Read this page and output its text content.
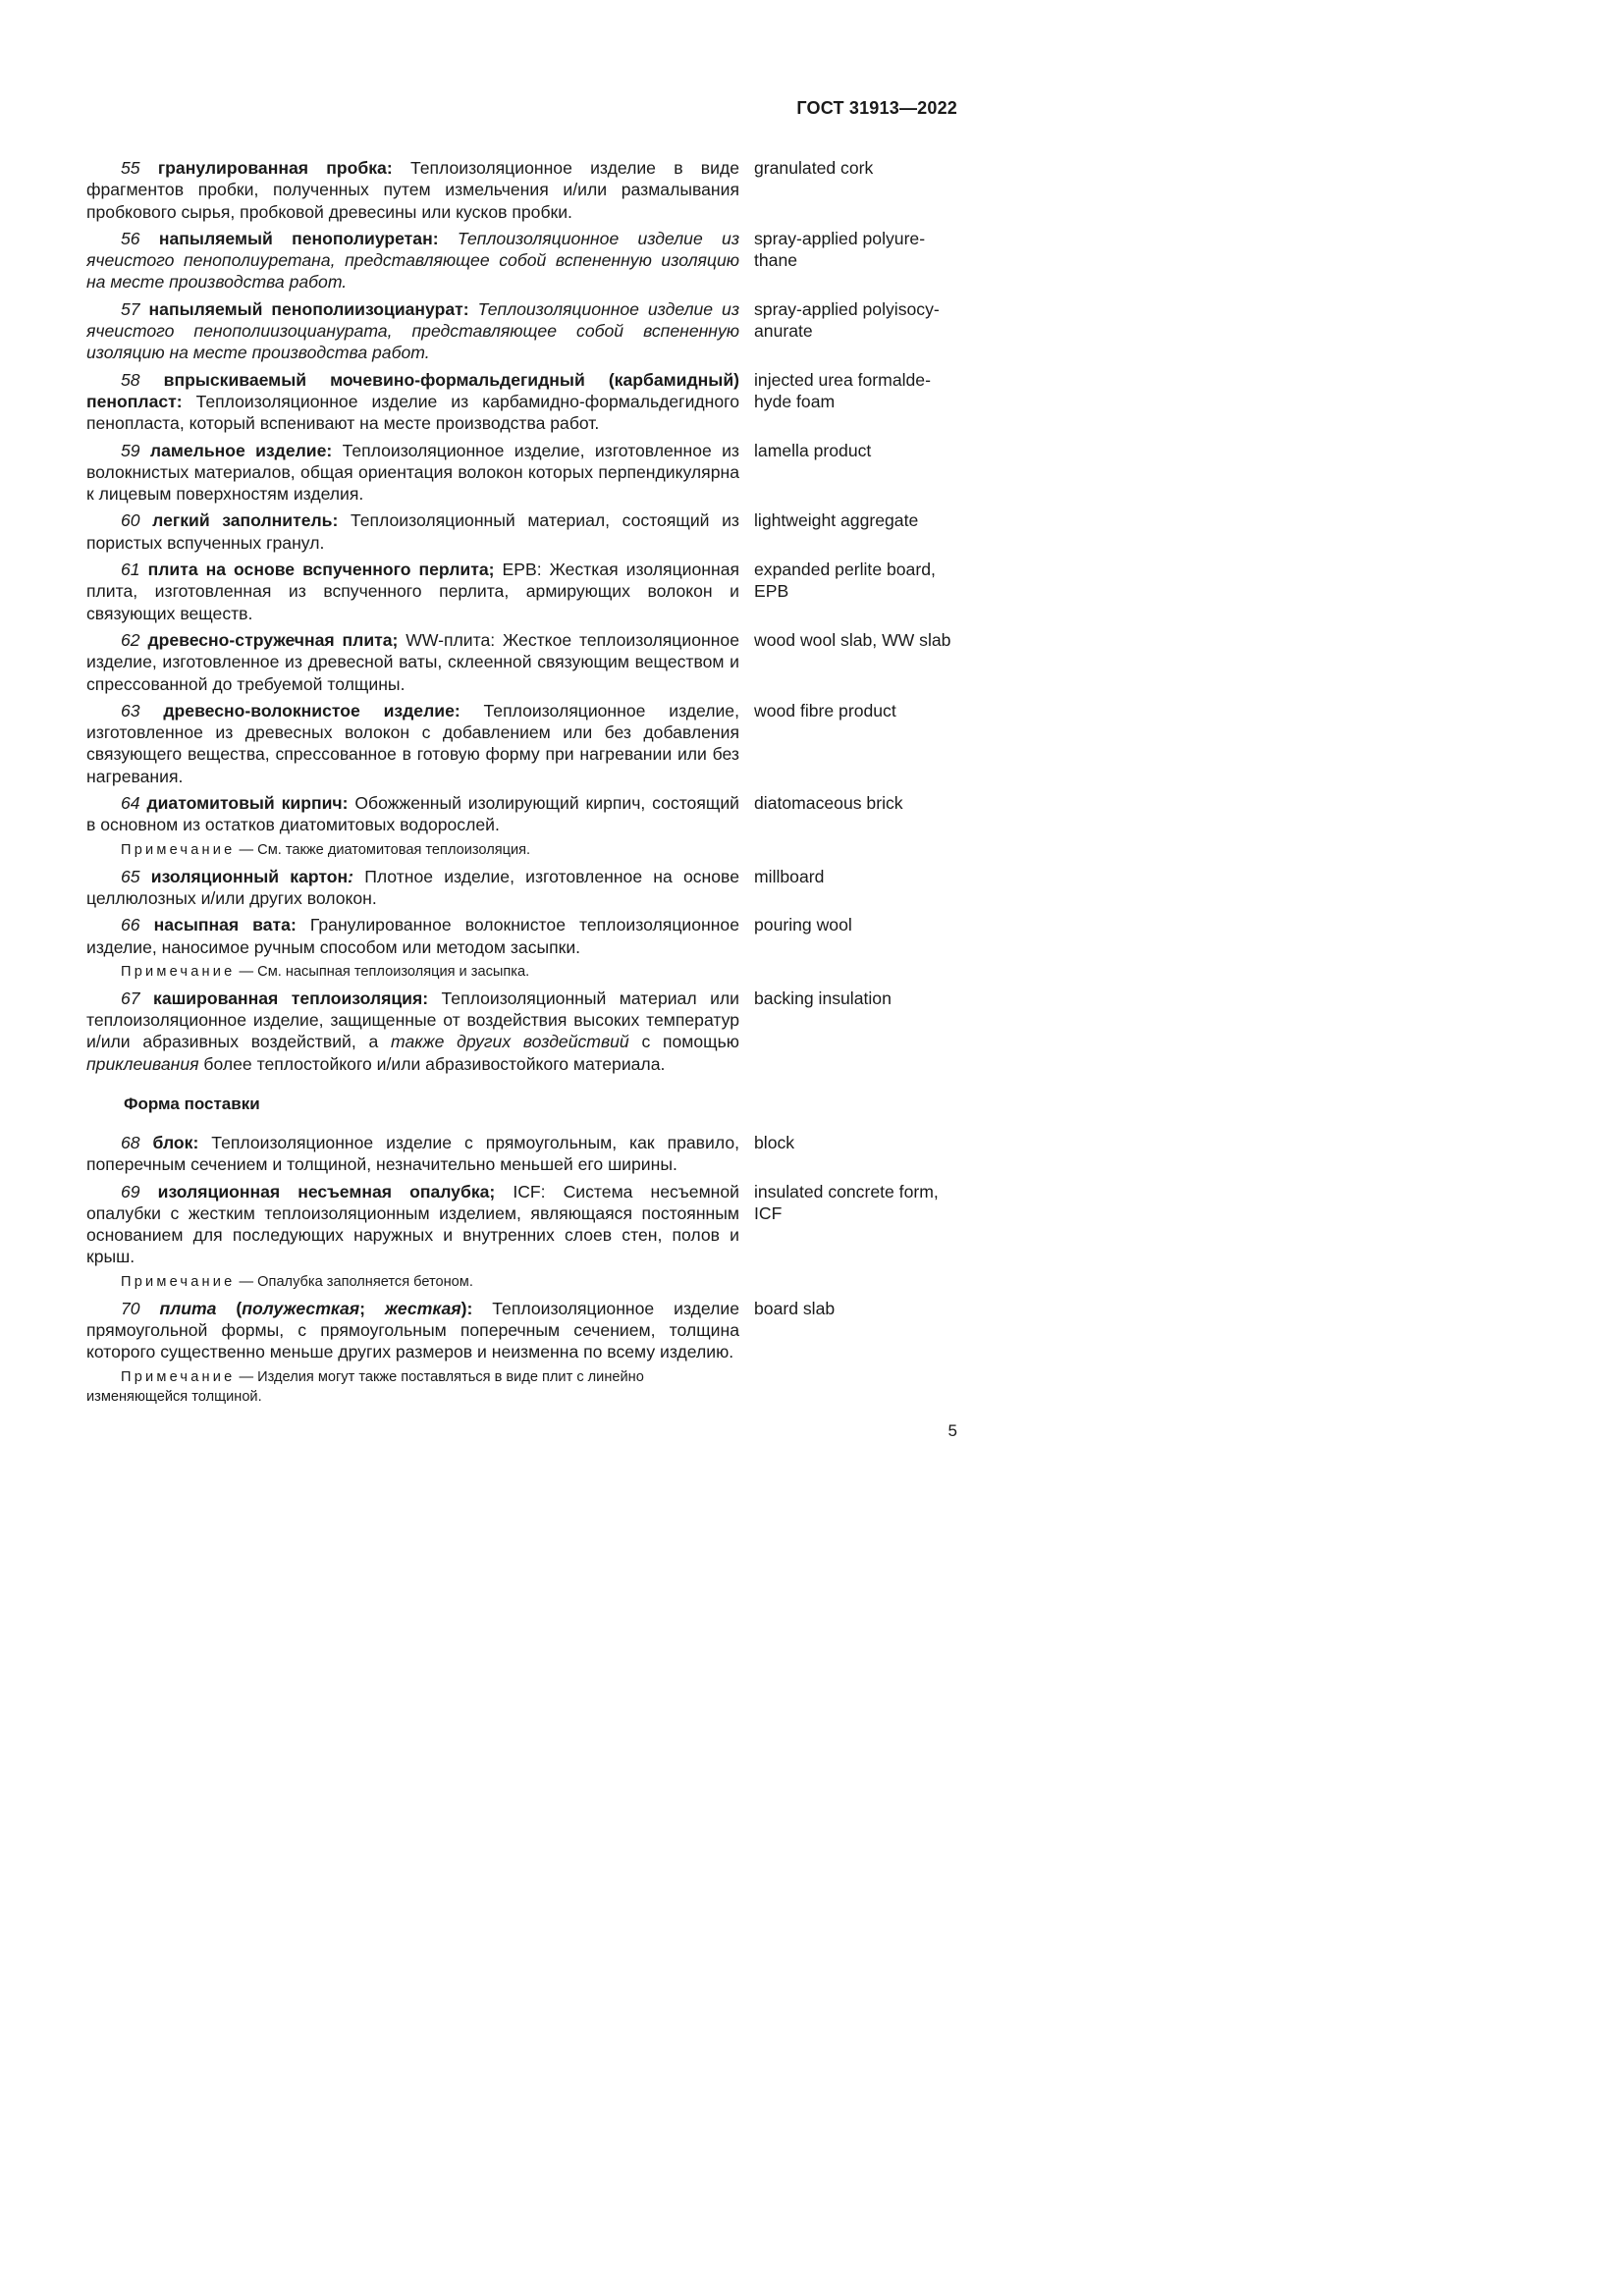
ГОСТ 31913—2022
55 гранулированная пробка: Теплоизоляционное изделие в виде фрагментов пробки, полученных путем измельчения и/или размалывания пробкового сырья, пробковой древесины или кусков пробки.
granulated cork
56 напыляемый пенополиуретан: Теплоизоляционное изделие из ячеистого пенополиуретана, представляющее собой вспененную изоляцию на месте производства работ.
spray-applied polyure-thane
57 напыляемый пенополиизоцианурат: Теплоизоляционное изделие из ячеистого пенополиизоцианурата, представляющее собой вспененную изоляцию на месте производства работ.
spray-applied polyisocy-anurate
58 впрыскиваемый мочевино-формальдегидный (карбамидный) пенопласт: Теплоизоляционное изделие из карбамидно-формальдегидного пенопласта, который вспенивают на месте производства работ.
injected urea formalde-hyde foam
59 ламельное изделие: Теплоизоляционное изделие, изготовленное из волокнистых материалов, общая ориентация волокон которых перпендикулярна к лицевым поверхностям изделия.
lamella product
60 легкий заполнитель: Теплоизоляционный материал, состоящий из пористых вспученных гранул.
lightweight aggregate
61 плита на основе вспученного перлита; EPB: Жесткая изоляционная плита, изготовленная из вспученного перлита, армирующих волокон и связующих веществ.
expanded perlite board, EPB
62 древесно-стружечная плита; WW-плита: Жесткое теплоизоляционное изделие, изготовленное из древесной ваты, склеенной связующим веществом и спрессованной до требуемой толщины.
wood wool slab, WW slab
63 древесно-волокнистое изделие: Теплоизоляционное изделие, изготовленное из древесных волокон с добавлением или без добавления связующего вещества, спрессованное в готовую форму при нагревании или без нагревания.
wood fibre product
64 диатомитовый кирпич: Обожженный изолирующий кирпич, состоящий в основном из остатков диатомитовых водорослей.
diatomaceous brick
Примечание — См. также диатомитовая теплоизоляция.
65 изоляционный картон: Плотное изделие, изготовленное на основе целлюлозных и/или других волокон.
millboard
66 насыпная вата: Гранулированное волокнистое теплоизоляционное изделие, наносимое ручным способом или методом засыпки.
pouring wool
Примечание — См. насыпная теплоизоляция и засыпка.
67 кашированная теплоизоляция: Теплоизоляционный материал или теплоизоляционное изделие, защищенные от воздействия высоких температур и/или абразивных воздействий, а также других воздействий с помощью приклеивания более теплостойкого и/или абразивостойкого материала.
backing insulation
Форма поставки
68 блок: Теплоизоляционное изделие с прямоугольным, как правило, поперечным сечением и толщиной, незначительно меньшей его ширины.
block
69 изоляционная несъемная опалубка; ICF: Система несъемной опалубки с жестким теплоизоляционным изделием, являющаяся постоянным основанием для последующих наружных и внутренних слоев стен, полов и крыш.
insulated concrete form, ICF
Примечание — Опалубка заполняется бетоном.
70 плита (полужесткая; жесткая): Теплоизоляционное изделие прямоугольной формы, с прямоугольным поперечным сечением, толщина которого существенно меньше других размеров и неизменна по всему изделию.
board slab
Примечание — Изделия могут также поставляться в виде плит с линейно изменяющейся толщиной.
5
